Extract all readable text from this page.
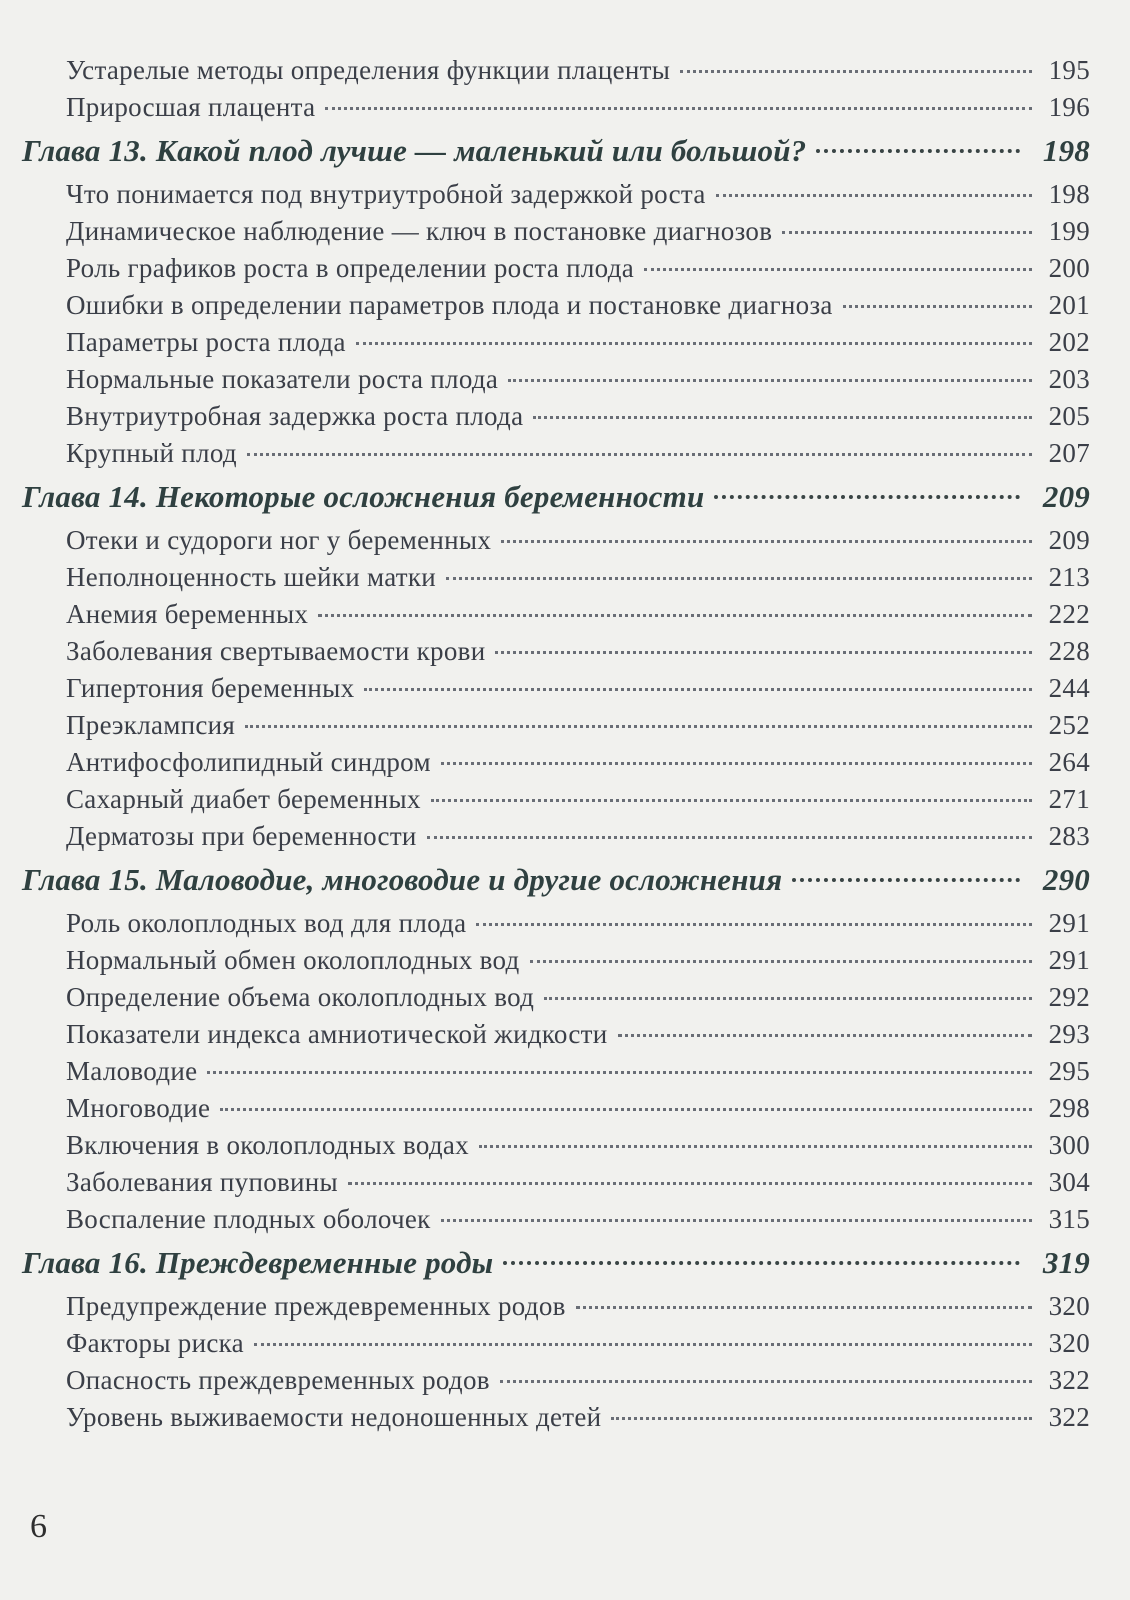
Устарелые методы определения функции плаценты	195
Приросшая плацента	196
Глава 13. Какой плод лучше — маленький или большой?	198
Что понимается под внутриутробной задержкой роста	198
Динамическое наблюдение — ключ в постановке диагнозов	199
Роль графиков роста в определении роста плода	200
Ошибки в определении параметров плода и постановке диагноза	201
Параметры роста плода	202
Нормальные показатели роста плода	203
Внутриутробная задержка роста плода	205
Крупный плод	207
Глава 14. Некоторые осложнения беременности	209
Отеки и судороги ног у беременных	209
Неполноценность шейки матки	213
Анемия беременных	222
Заболевания свертываемости крови	228
Гипертония беременных	244
Преэклампсия	252
Антифосфолипидный синдром	264
Сахарный диабет беременных	271
Дерматозы при беременности	283
Глава 15. Маловодие, многоводие и другие осложнения	290
Роль околоплодных вод для плода	291
Нормальный обмен околоплодных вод	291
Определение объема околоплодных вод	292
Показатели индекса амниотической жидкости	293
Маловодие	295
Многоводие	298
Включения в околоплодных водах	300
Заболевания пуповины	304
Воспаление плодных оболочек	315
Глава 16. Преждевременные роды	319
Предупреждение преждевременных родов	320
Факторы риска	320
Опасность преждевременных родов	322
Уровень выживаемости недоношенных детей	322
6
